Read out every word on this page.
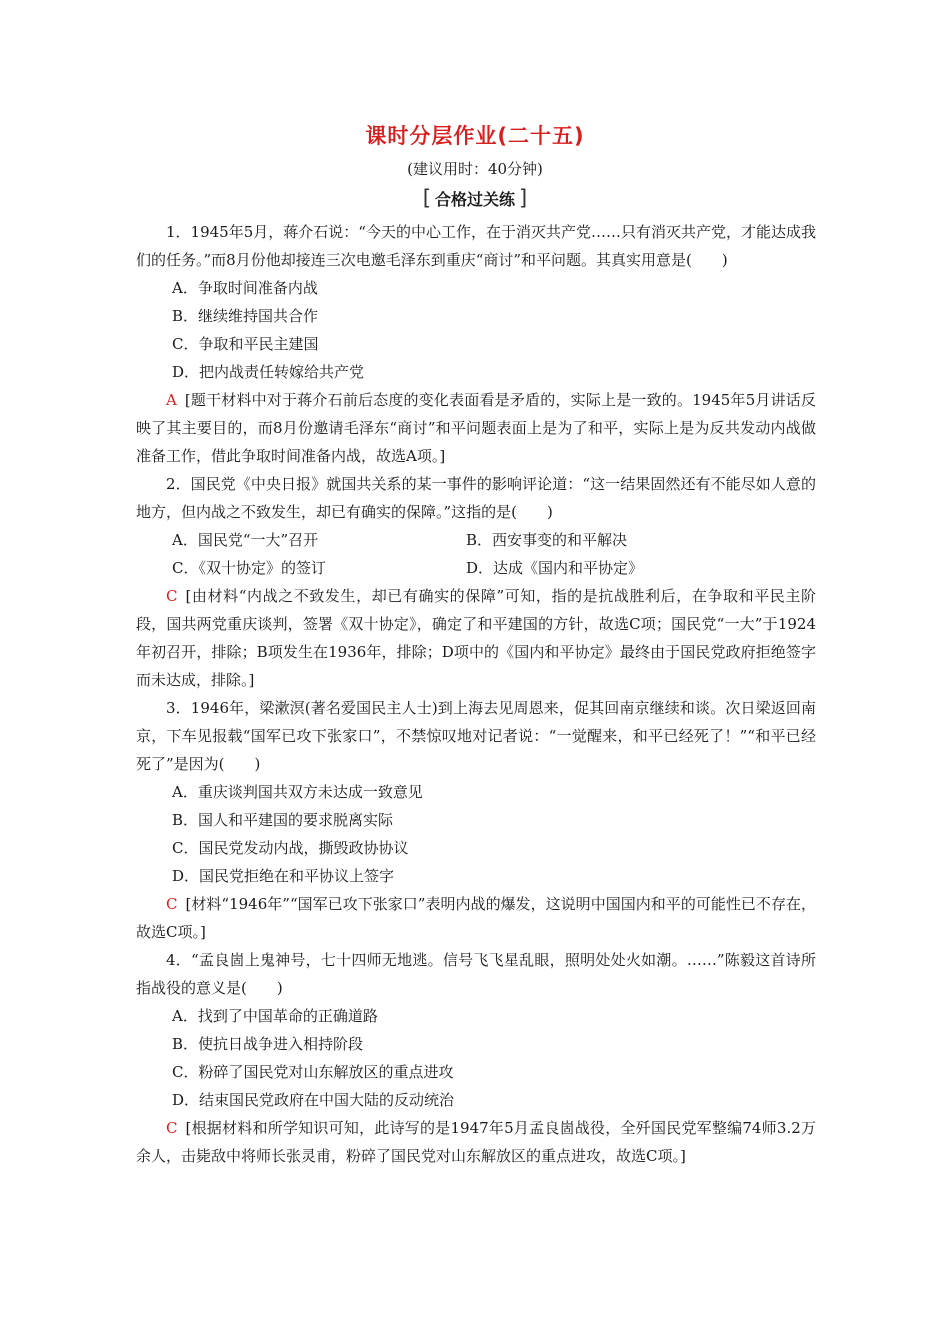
课时分层作业(二十五)
(建议用时：40分钟)
[ 合格过关练 ]
1．1945年5月，蒋介石说：“今天的中心工作，在于消灭共产党……只有消灭共产党，才能达成我们的任务。”而8月份他却接连三次电邀毛泽东到重庆“商讨”和平问题。其真实用意是(　　)
A．争取时间准备内战
B．继续维持国共合作
C．争取和平民主建国
D．把内战责任转嫁给共产党
A [题干材料中对于蒋介石前后态度的变化表面看是矛盾的，实际上是一致的。1945年5月讲话反映了其主要目的，而8月份邀请毛泽东“商讨”和平问题表面上是为了和平，实际上是为反共发动内战做准备工作，借此争取时间准备内战，故选A项。]
2．国民党《中央日报》就国共关系的某一事件的影响评论道：“这一结果固然还有不能尽如人意的地方，但内战之不致发生，却已有确实的保障。”这指的是(　　)
A．国民党“一大”召开	B．西安事变的和平解决
C．《双十协定》的签订	D．达成《国内和平协定》
C [由材料“内战之不致发生，却已有确实的保障”可知，指的是抗战胜利后，在争取和平民主阶段，国共两党重庆谈判，签署《双十协定》，确定了和平建国的方针，故选C项；国民党“一大”于1924年初召开，排除；B项发生在1936年，排除；D项中的《国内和平协定》最终由于国民党政府拒绝签字而未达成，排除。]
3．1946年，梁漱溟(著名爱国民主人士)到上海去见周恩来，促其回南京继续和谈。次日梁返回南京，下车见报载“国军已攻下张家口”，不禁惊叹地对记者说：“一觉醒来，和平已经死了！”“和平已经死了”是因为(　　)
A．重庆谈判国共双方未达成一致意见
B．国人和平建国的要求脱离实际
C．国民党发动内战，撕毁政协协议
D．国民党拒绝在和平协议上签字
C [材料“1946年”“国军已攻下张家口”表明内战的爆发，这说明中国国内和平的可能性已不存在，故选C项。]
4．“孟良崮上鬼神号，七十四师无地逃。信号飞飞星乱眼，照明处处火如潮。……”陈毅这首诗所指战役的意义是(　　)
A．找到了中国革命的正确道路
B．使抗日战争进入相持阶段
C．粉碎了国民党对山东解放区的重点进攻
D．结束国民党政府在中国大陆的反动统治
C [根据材料和所学知识可知，此诗写的是1947年5月孟良崮战役，全歼国民党军整编74师3.2万余人，击毙敌中将师长张灵甫，粉碎了国民党对山东解放区的重点进攻，故选C项。]
